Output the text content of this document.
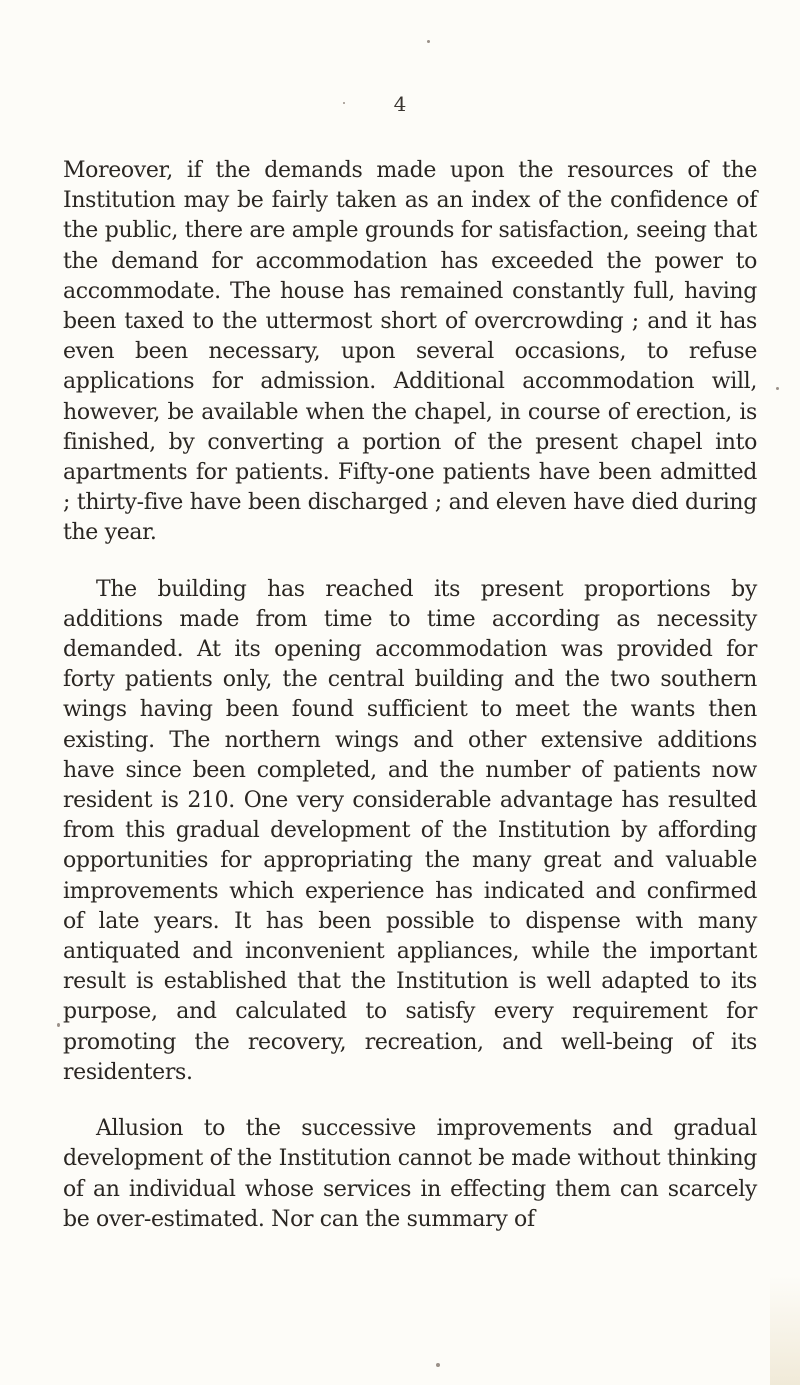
4

Moreover, if the demands made upon the resources of the Institution may be fairly taken as an index of the confidence of the public, there are ample grounds for satisfaction, seeing that the demand for accommodation has exceeded the power to accommodate. The house has remained constantly full, having been taxed to the uttermost short of overcrowding ; and it has even been necessary, upon several occasions, to refuse applications for admission. Additional accommodation will, however, be available when the chapel, in course of erection, is finished, by converting a portion of the present chapel into apartments for patients. Fifty-one patients have been admitted ; thirty-five have been discharged ; and eleven have died during the year.

The building has reached its present proportions by additions made from time to time according as necessity demanded. At its opening accommodation was provided for forty patients only, the central building and the two southern wings having been found sufficient to meet the wants then existing. The northern wings and other extensive additions have since been completed, and the number of patients now resident is 210. One very considerable advantage has resulted from this gradual development of the Institution by affording opportunities for appropriating the many great and valuable improvements which experience has indicated and confirmed of late years. It has been possible to dispense with many antiquated and inconvenient appliances, while the important result is established that the Institution is well adapted to its purpose, and calculated to satisfy every requirement for promoting the recovery, recreation, and well-being of its residenters.

Allusion to the successive improvements and gradual development of the Institution cannot be made without thinking of an individual whose services in effecting them can scarcely be over-estimated. Nor can the summary of
